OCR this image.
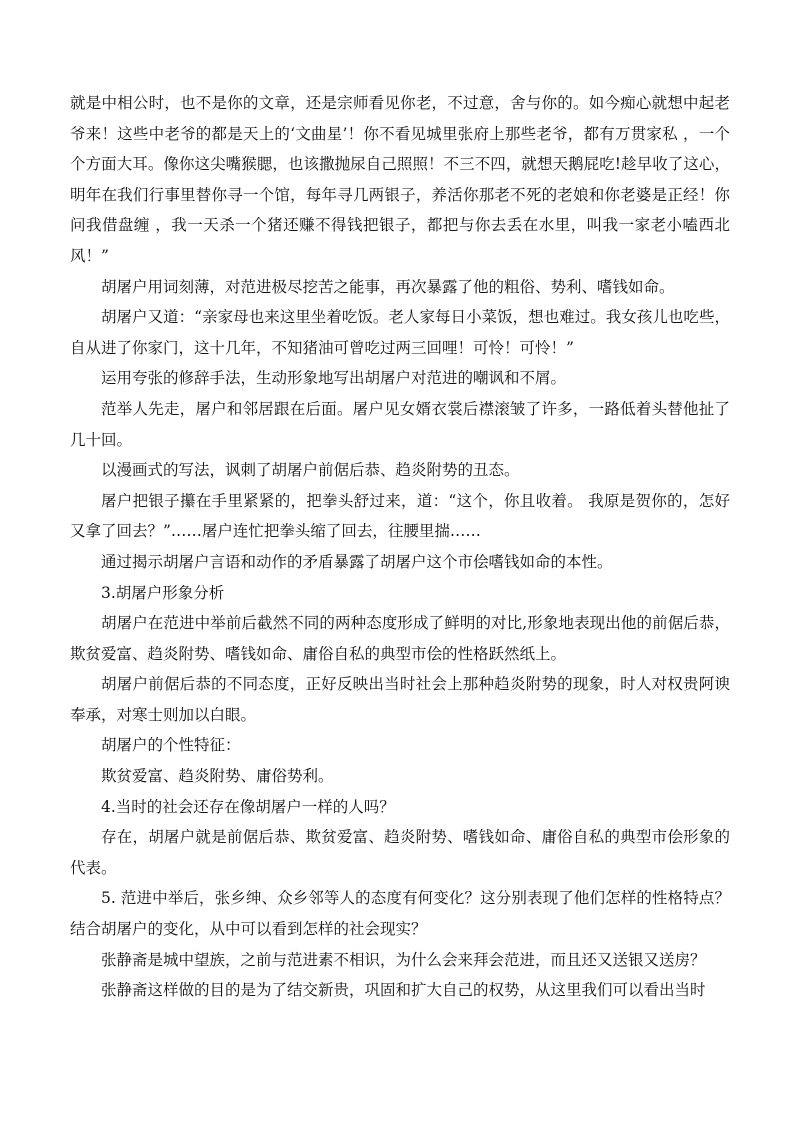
就是中相公时，也不是你的文章，还是宗师看见你老，不过意，舍与你的。如今痴心就想中起老爷来！这些中老爷的都是天上的‘文曲星’！你不看见城里张府上那些老爷，都有万贯家私 ，一个个方面大耳。像你这尖嘴猴腮，也该撒抛尿自己照照！不三不四，就想天鹅屁吃!趁早收了这心，明年在我们行事里替你寻一个馆，每年寻几两银子，养活你那老不死的老娘和你老婆是正经！你问我借盘缠 ，我一天杀一个猪还赚不得钱把银子，都把与你去丢在水里，叫我一家老小嗑西北风！”

胡屠户用词刻薄，对范进极尽挖苦之能事，再次暴露了他的粗俗、势利、嗜钱如命。

胡屠户又道：“亲家母也来这里坐着吃饭。老人家每日小菜饭，想也难过。我女孩儿也吃些，自从进了你家门，这十几年，不知猪油可曾吃过两三回哩！可怜！可怜！”

运用夸张的修辞手法，生动形象地写出胡屠户对范进的嘲讽和不屑。

范举人先走，屠户和邻居跟在后面。屠户见女婿衣裳后襟滚皱了许多，一路低着头替他扯了几十回。

以漫画式的写法，讽刺了胡屠户前倨后恭、趋炎附势的丑态。

屠户把银子攥在手里紧紧的，把拳头舒过来，道：“这个，你且收着。 我原是贺你的，怎好又拿了回去？”……屠户连忙把拳头缩了回去，往腰里揣……

通过揭示胡屠户言语和动作的矛盾暴露了胡屠户这个市侩嗜钱如命的本性。

3.胡屠户形象分析

胡屠户在范进中举前后截然不同的两种态度形成了鲜明的对比,形象地表现出他的前倨后恭，欺贫爱富、趋炎附势、嗜钱如命、庸俗自私的典型市侩的性格跃然纸上。

胡屠户前倨后恭的不同态度，正好反映出当时社会上那种趋炎附势的现象，时人对权贵阿谀奉承，对寒士则加以白眼。

胡屠户的个性特征：

欺贫爱富、趋炎附势、庸俗势利。

4.当时的社会还存在像胡屠户一样的人吗？

存在，胡屠户就是前倨后恭、欺贫爱富、趋炎附势、嗜钱如命、庸俗自私的典型市侩形象的代表。

5. 范进中举后，张乡绅、众乡邻等人的态度有何变化？这分别表现了他们怎样的性格特点？结合胡屠户的变化，从中可以看到怎样的社会现实？

张静斋是城中望族，之前与范进素不相识，为什么会来拜会范进，而且还又送银又送房？

张静斋这样做的目的是为了结交新贵，巩固和扩大自己的权势，从这里我们可以看出当时
